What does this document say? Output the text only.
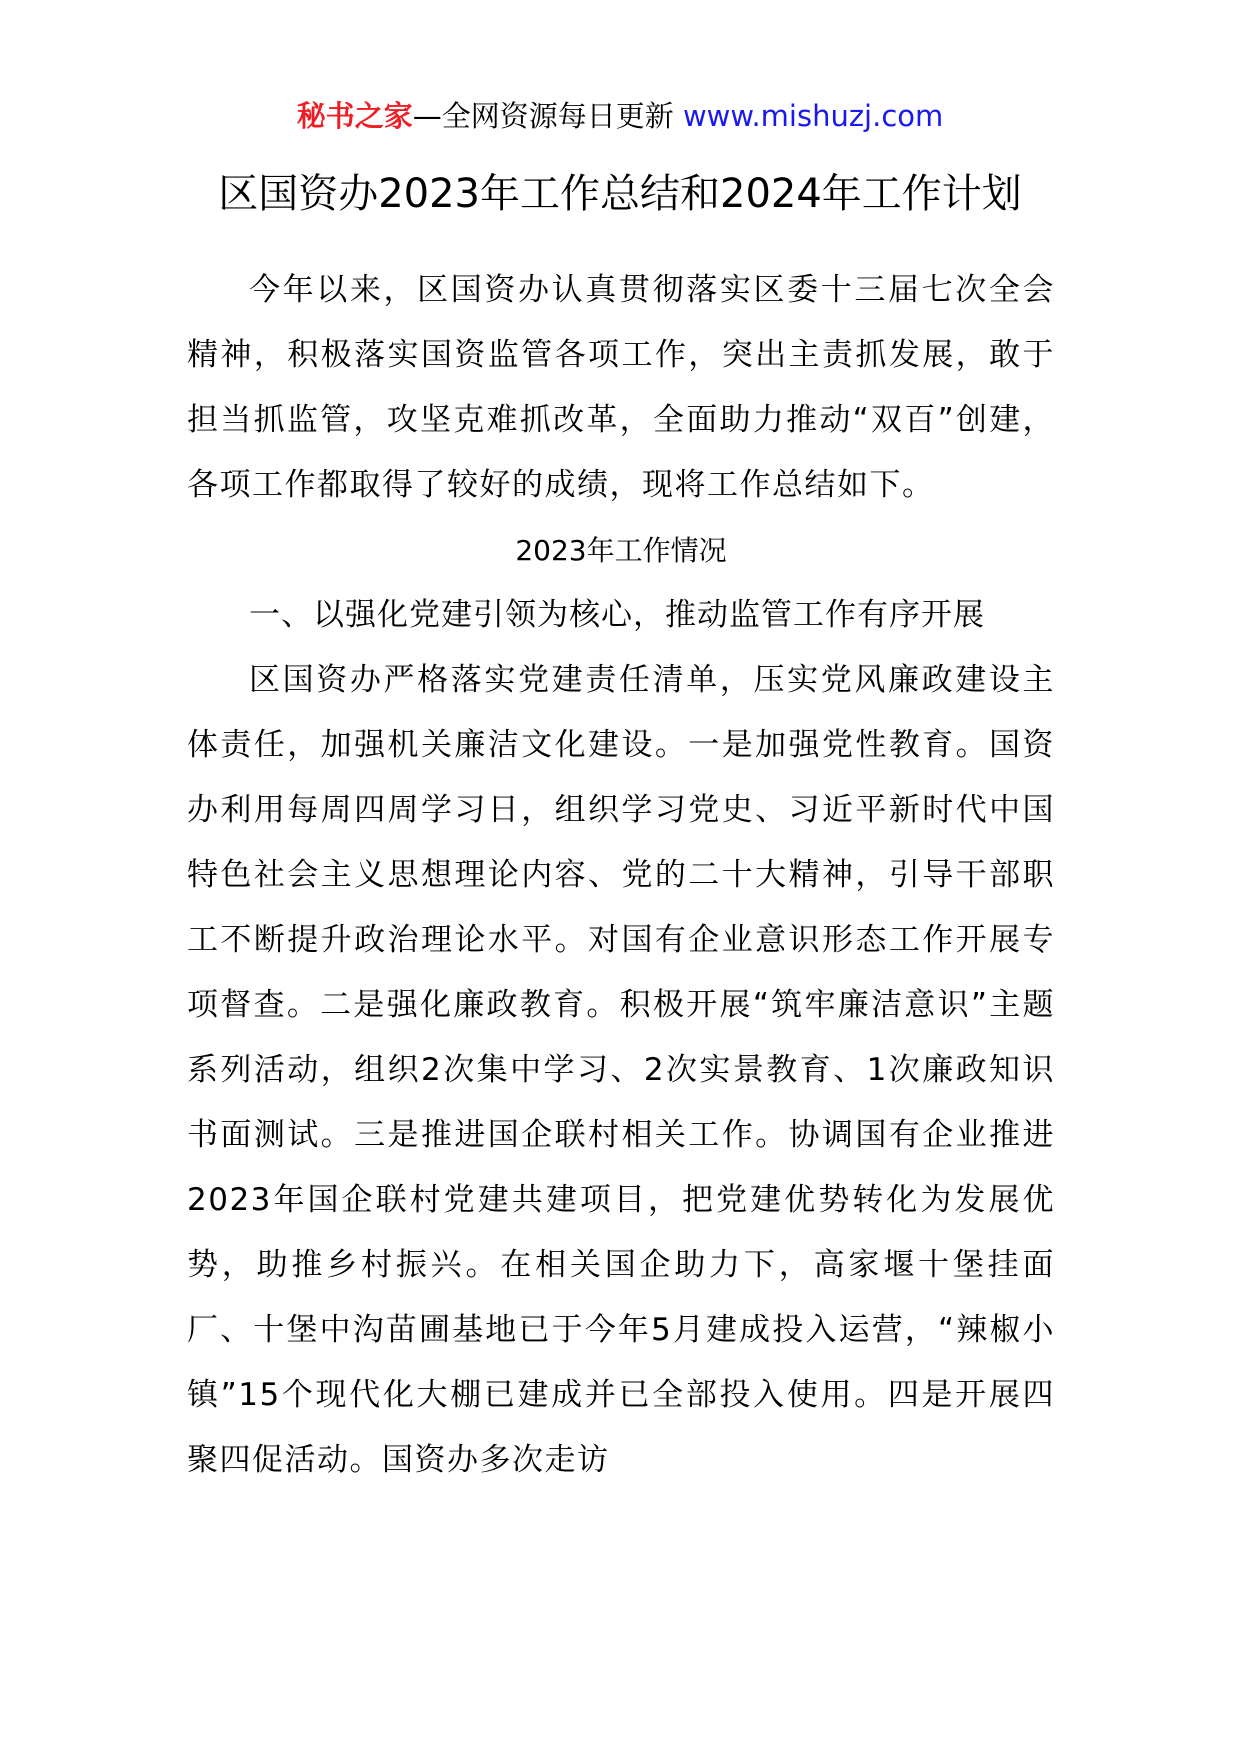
秘书之家—全网资源每日更新 www.mishuzj.com
区国资办2023年工作总结和2024年工作计划

今年以来，区国资办认真贯彻落实区委十三届七次全会精神，积极落实国资监管各项工作，突出主责抓发展，敢于担当抓监管，攻坚克难抓改革，全面助力推动“双百”创建，各项工作都取得了较好的成绩，现将工作总结如下。

2023年工作情况
一、以强化党建引领为核心，推动监管工作有序开展

区国资办严格落实党建责任清单，压实党风廉政建设主体责任，加强机关廉洁文化建设。一是加强党性教育。国资办利用每周四周学习日，组织学习党史、习近平新时代中国特色社会主义思想理论内容、党的二十大精神，引导干部职工不断提升政治理论水平。对国有企业意识形态工作开展专项督查。二是强化廉政教育。积极开展“筑牢廉洁意识”主题系列活动，组织2次集中学习、2次实景教育、1次廉政知识书面测试。三是推进国企联村相关工作。协调国有企业推进2023年国企联村党建共建项目，把党建优势转化为发展优势，助推乡村振兴。在相关国企助力下，高家堰十堡挂面厂、十堡中沟苗圃基地已于今年5月建成投入运营，“辣椒小镇”15个现代化大棚已建成并已全部投入使用。四是开展四聚四促活动。国资办多次走访
